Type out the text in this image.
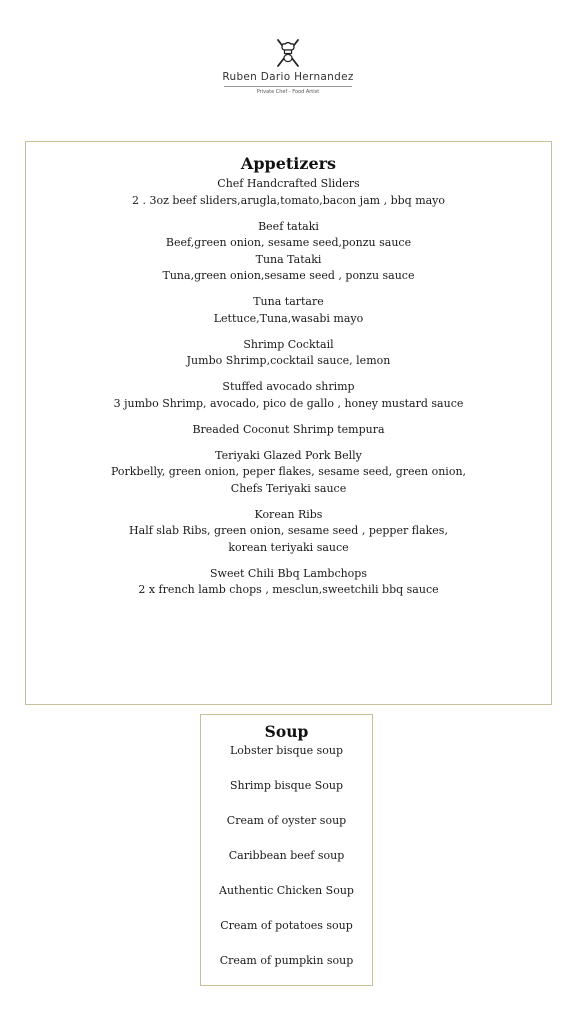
Ruben Dario Hernandez
Private Chef - Food Artist
Appetizers
Chef Handcrafted Sliders
2 . 3oz beef sliders,arugla,tomato,bacon jam , bbq mayo
Beef tataki
Beef,green onion, sesame seed,ponzu sauce
Tuna Tataki
Tuna,green onion,sesame seed , ponzu sauce
Tuna tartare
Lettuce,Tuna,wasabi mayo
Shrimp Cocktail
Jumbo Shrimp,cocktail sauce, lemon
Stuffed avocado shrimp
3 jumbo Shrimp, avocado, pico de gallo , honey mustard sauce
Breaded Coconut Shrimp tempura
Teriyaki Glazed Pork Belly
Porkbelly, green onion, peper flakes, sesame seed, green onion,
Chefs Teriyaki sauce
Korean Ribs
Half slab Ribs, green onion, sesame seed , pepper flakes,
korean teriyaki sauce
Sweet Chili Bbq Lambchops
2 x french lamb chops , mesclun,sweetchili bbq sauce
Soup
Lobster bisque soup
Shrimp bisque Soup
Cream of oyster soup
Caribbean beef soup
Authentic Chicken Soup
Cream of potatoes soup
Cream of pumpkin soup
